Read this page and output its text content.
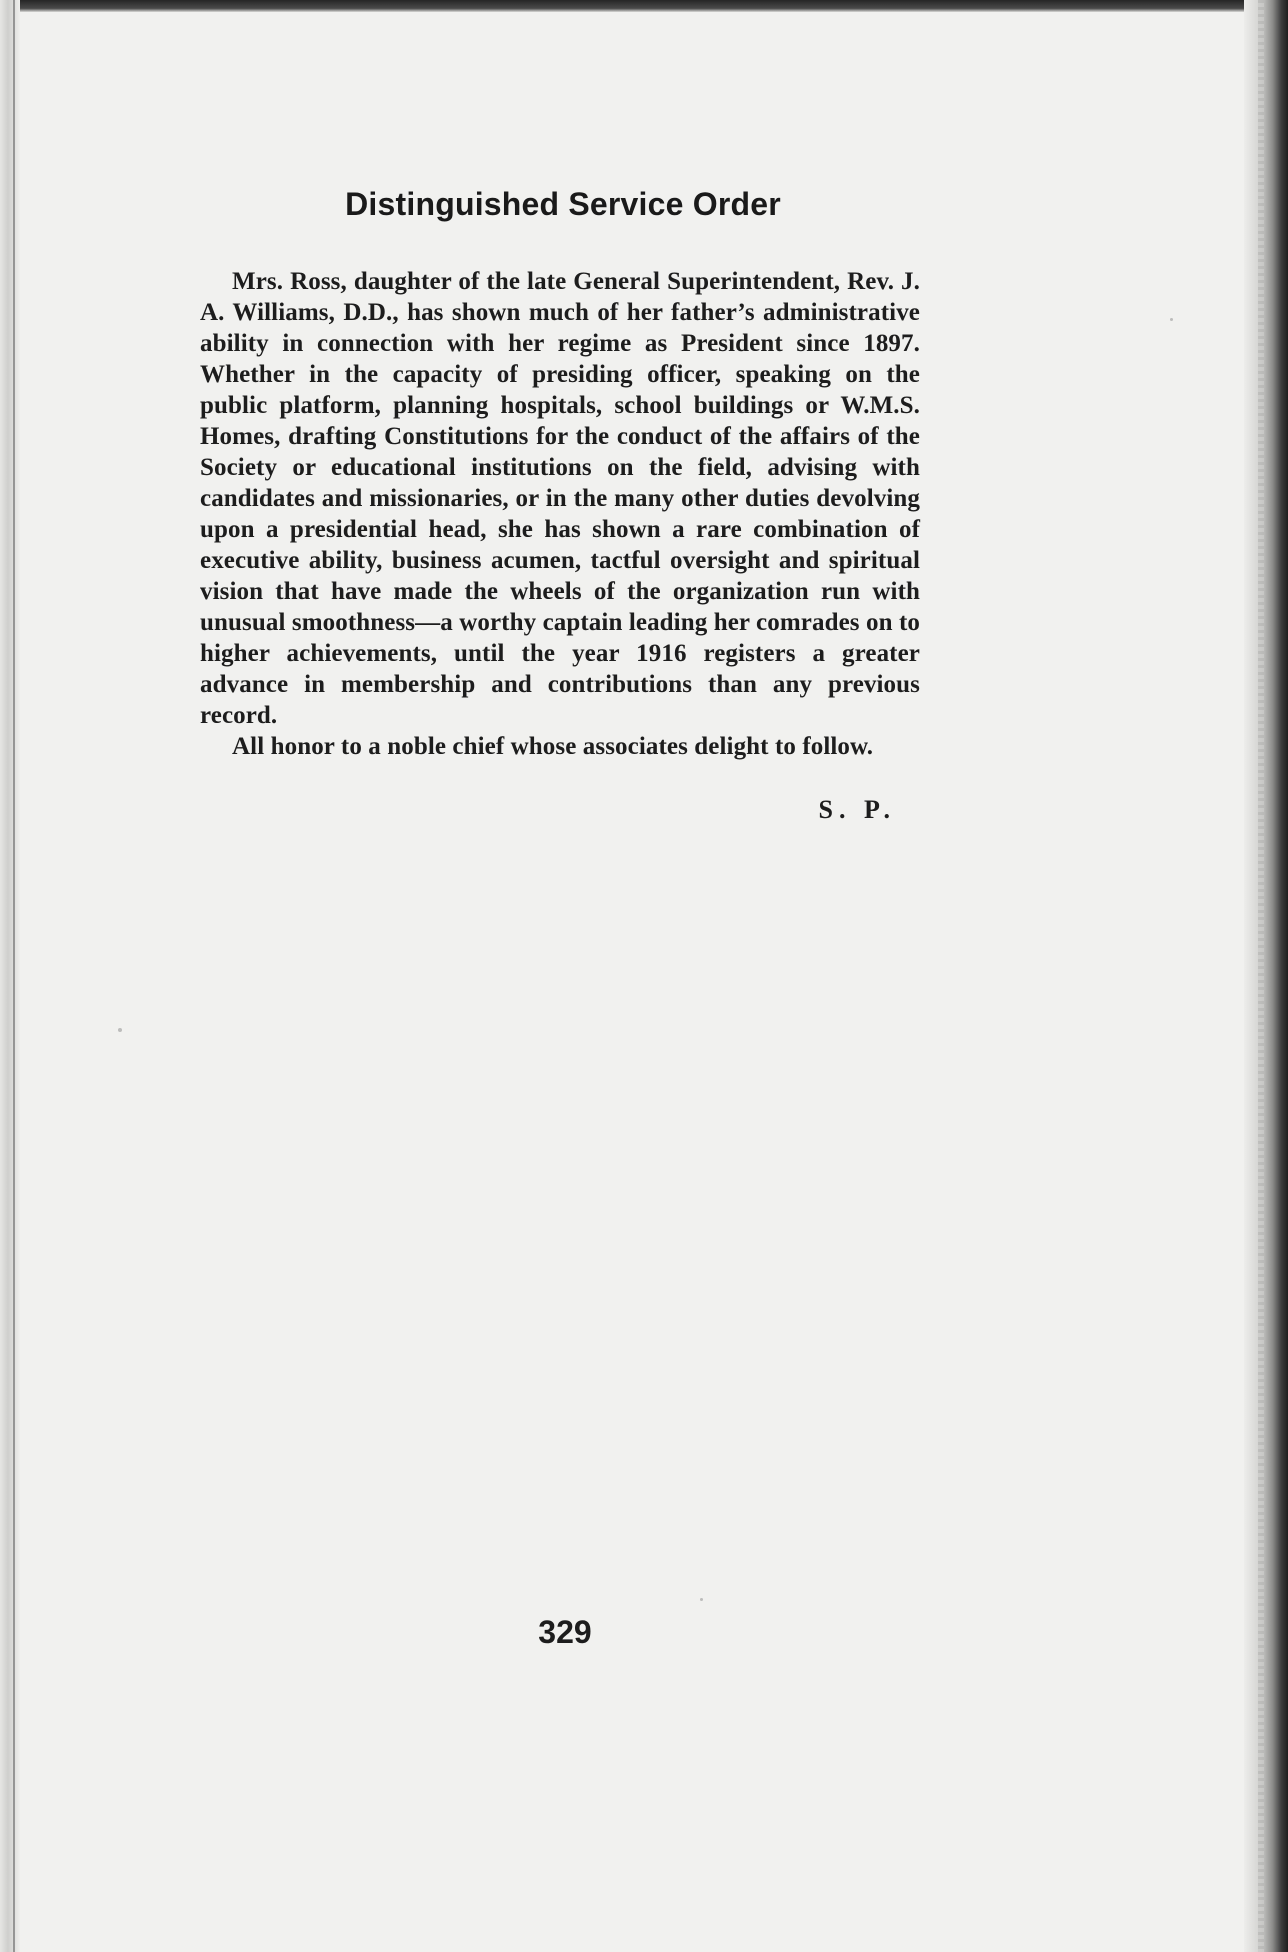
Distinguished Service Order

Mrs. Ross, daughter of the late General Superintendent, Rev. J. A. Williams, D.D., has shown much of her father’s administrative ability in connection with her regime as President since 1897. Whether in the capacity of presiding officer, speaking on the public platform, planning hospitals, school buildings or W.M.S. Homes, drafting Constitutions for the conduct of the affairs of the Society or educational institutions on the field, advising with candidates and missionaries, or in the many other duties devolving upon a presidential head, she has shown a rare combination of executive ability, business acumen, tactful oversight and spiritual vision that have made the wheels of the organization run with unusual smoothness—a worthy captain leading her comrades on to higher achievements, until the year 1916 registers a greater advance in membership and contributions than any previous record.

All honor to a noble chief whose associates delight to follow.

S. P.
329
